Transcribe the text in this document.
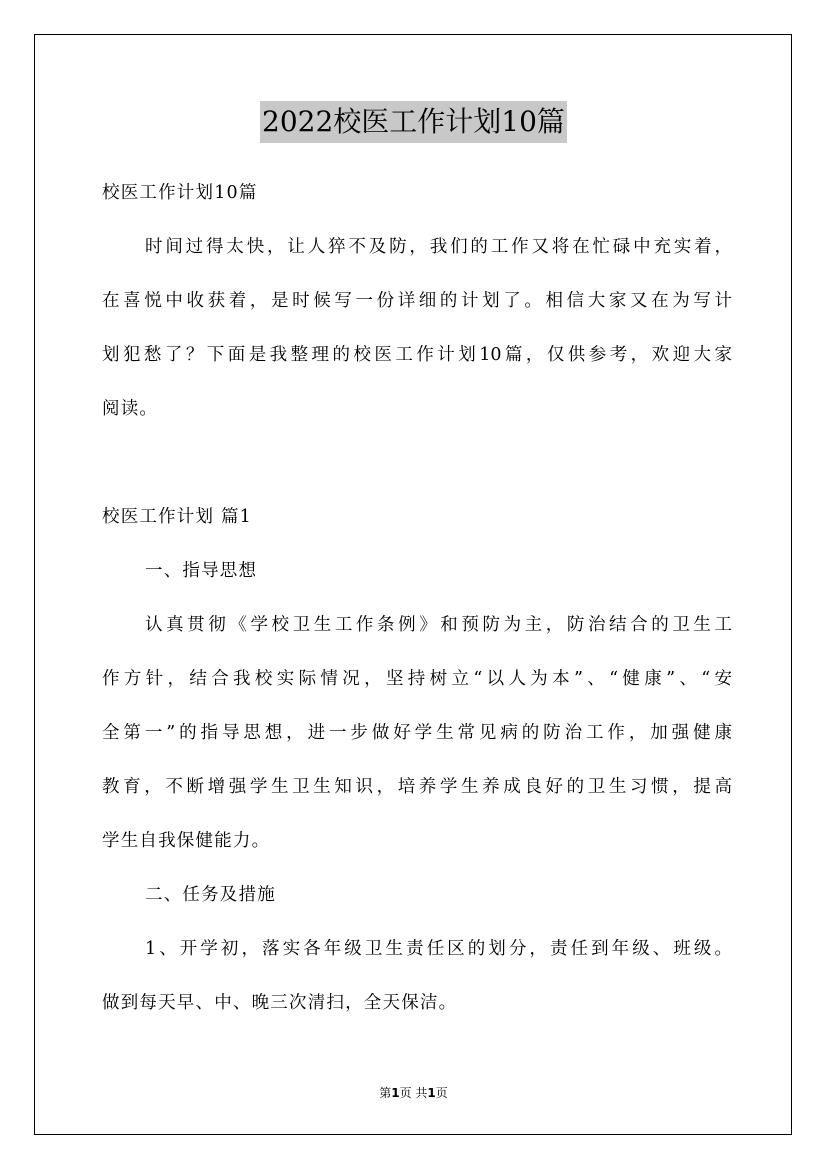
2022校医工作计划10篇
校医工作计划10篇
时间过得太快，让人猝不及防，我们的工作又将在忙碌中充实着，
在喜悦中收获着，是时候写一份详细的计划了。相信大家又在为写计
划犯愁了？下面是我整理的校医工作计划10篇，仅供参考，欢迎大家
阅读。
校医工作计划 篇1
一、指导思想
认真贯彻《学校卫生工作条例》和预防为主，防治结合的卫生工
作方针，结合我校实际情况，坚持树立“以人为本”、“健康”、“安
全第一”的指导思想，进一步做好学生常见病的防治工作，加强健康
教育，不断增强学生卫生知识，培养学生养成良好的卫生习惯，提高
学生自我保健能力。
二、任务及措施
1、开学初，落实各年级卫生责任区的划分，责任到年级、班级。
做到每天早、中、晚三次清扫，全天保洁。
第1页 共1页
